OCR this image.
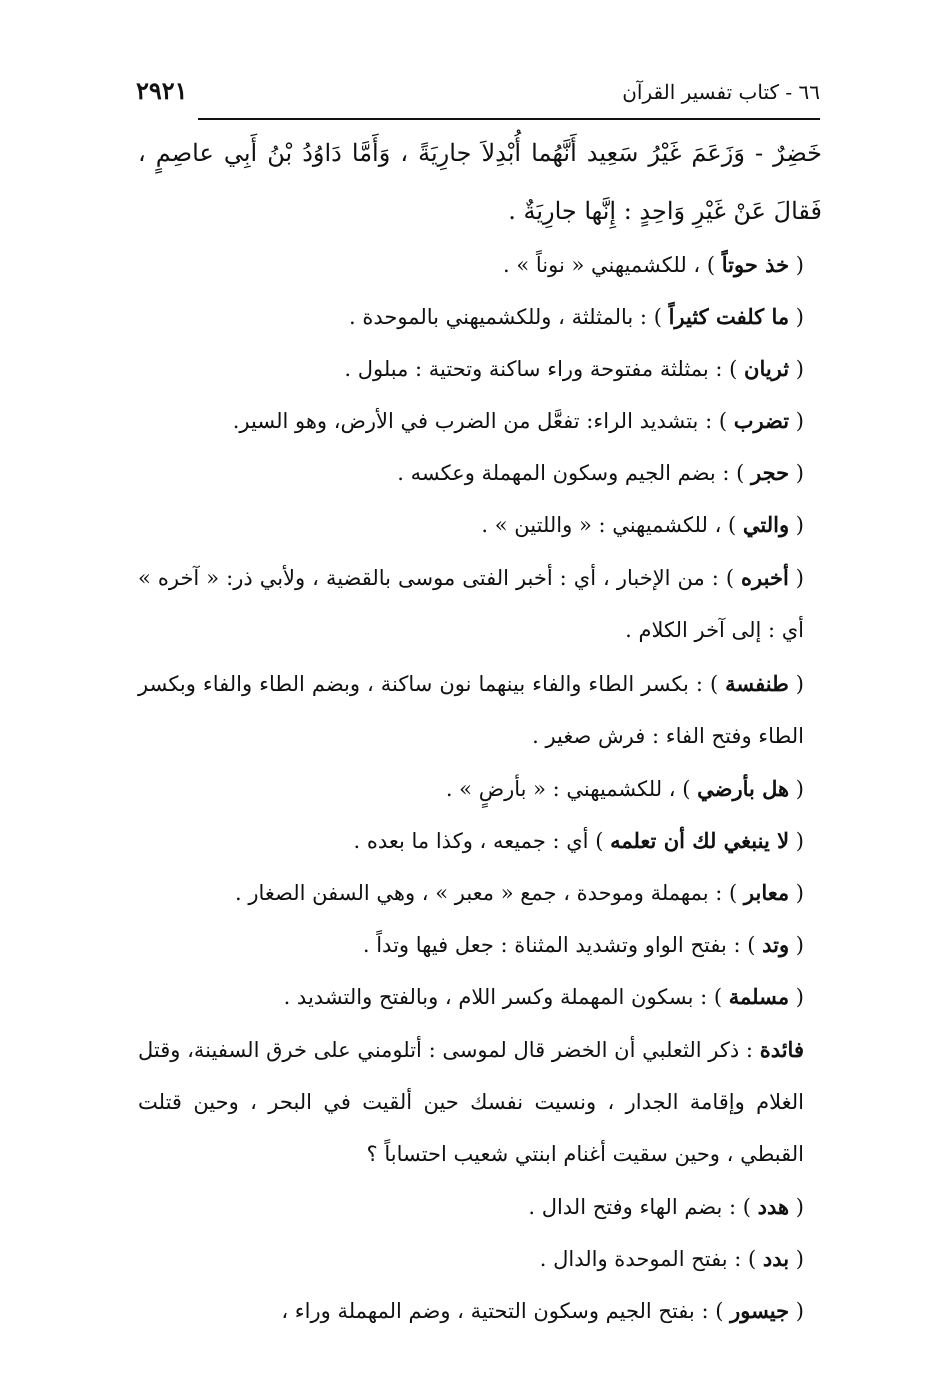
٦٦ - كتاب تفسير القرآن
٢٩٢١

خَضِرٌ - وَزَعَمَ غَيْرُ سَعِيد أَنَّهُما أُبْدِلاَ جارِيَةً ، وَأَمَّا دَاوُدُ بْنُ أَبِي عاصِمٍ ، فَقالَ عَنْ غَيْرِ وَاحِدٍ : إِنَّها جارِيَةٌ .

( خذ حوتاً ) ، للكشميهني « نوناً » .

( ما كلفت كثيراً ) : بالمثلثة ، وللكشميهني بالموحدة .

( ثريان ) : بمثلثة مفتوحة وراء ساكنة وتحتية : مبلول .

( تضرب ) : بتشديد الراء: تفعَّل من الضرب في الأرض، وهو السير.

( حجر ) : بضم الجيم وسكون المهملة وعكسه .

( والتي ) ، للكشميهني : « واللتين » .

( أخبره ) : من الإخبار ، أي : أخبر الفتى موسى بالقضية ، ولأبي ذر: « آخره » أي : إلى آخر الكلام .

( طنفسة ) : بكسر الطاء والفاء بينهما نون ساكنة ، وبضم الطاء والفاء وبكسر الطاء وفتح الفاء : فرش صغير .

( هل بأرضي ) ، للكشميهني : « بأرضٍ » .

( لا ينبغي لك أن تعلمه ) أي : جميعه ، وكذا ما بعده .

( معابر ) : بمهملة وموحدة ، جمع « معبر » ، وهي السفن الصغار .

( وتد ) : بفتح الواو وتشديد المثناة : جعل فيها وتداً .

( مسلمة ) : بسكون المهملة وكسر اللام ، وبالفتح والتشديد .

فائدة : ذكر الثعلبي أن الخضر قال لموسى : أتلومني على خرق السفينة، وقتل الغلام وإقامة الجدار ، ونسيت نفسك حين ألقيت في البحر ، وحين قتلت القبطي ، وحين سقيت أغنام ابنتي شعيب احتساباً ؟

( هدد ) : بضم الهاء وفتح الدال .

( بدد ) : بفتح الموحدة والدال .

( جيسور ) : بفتح الجيم وسكون التحتية ، وضم المهملة وراء ،
